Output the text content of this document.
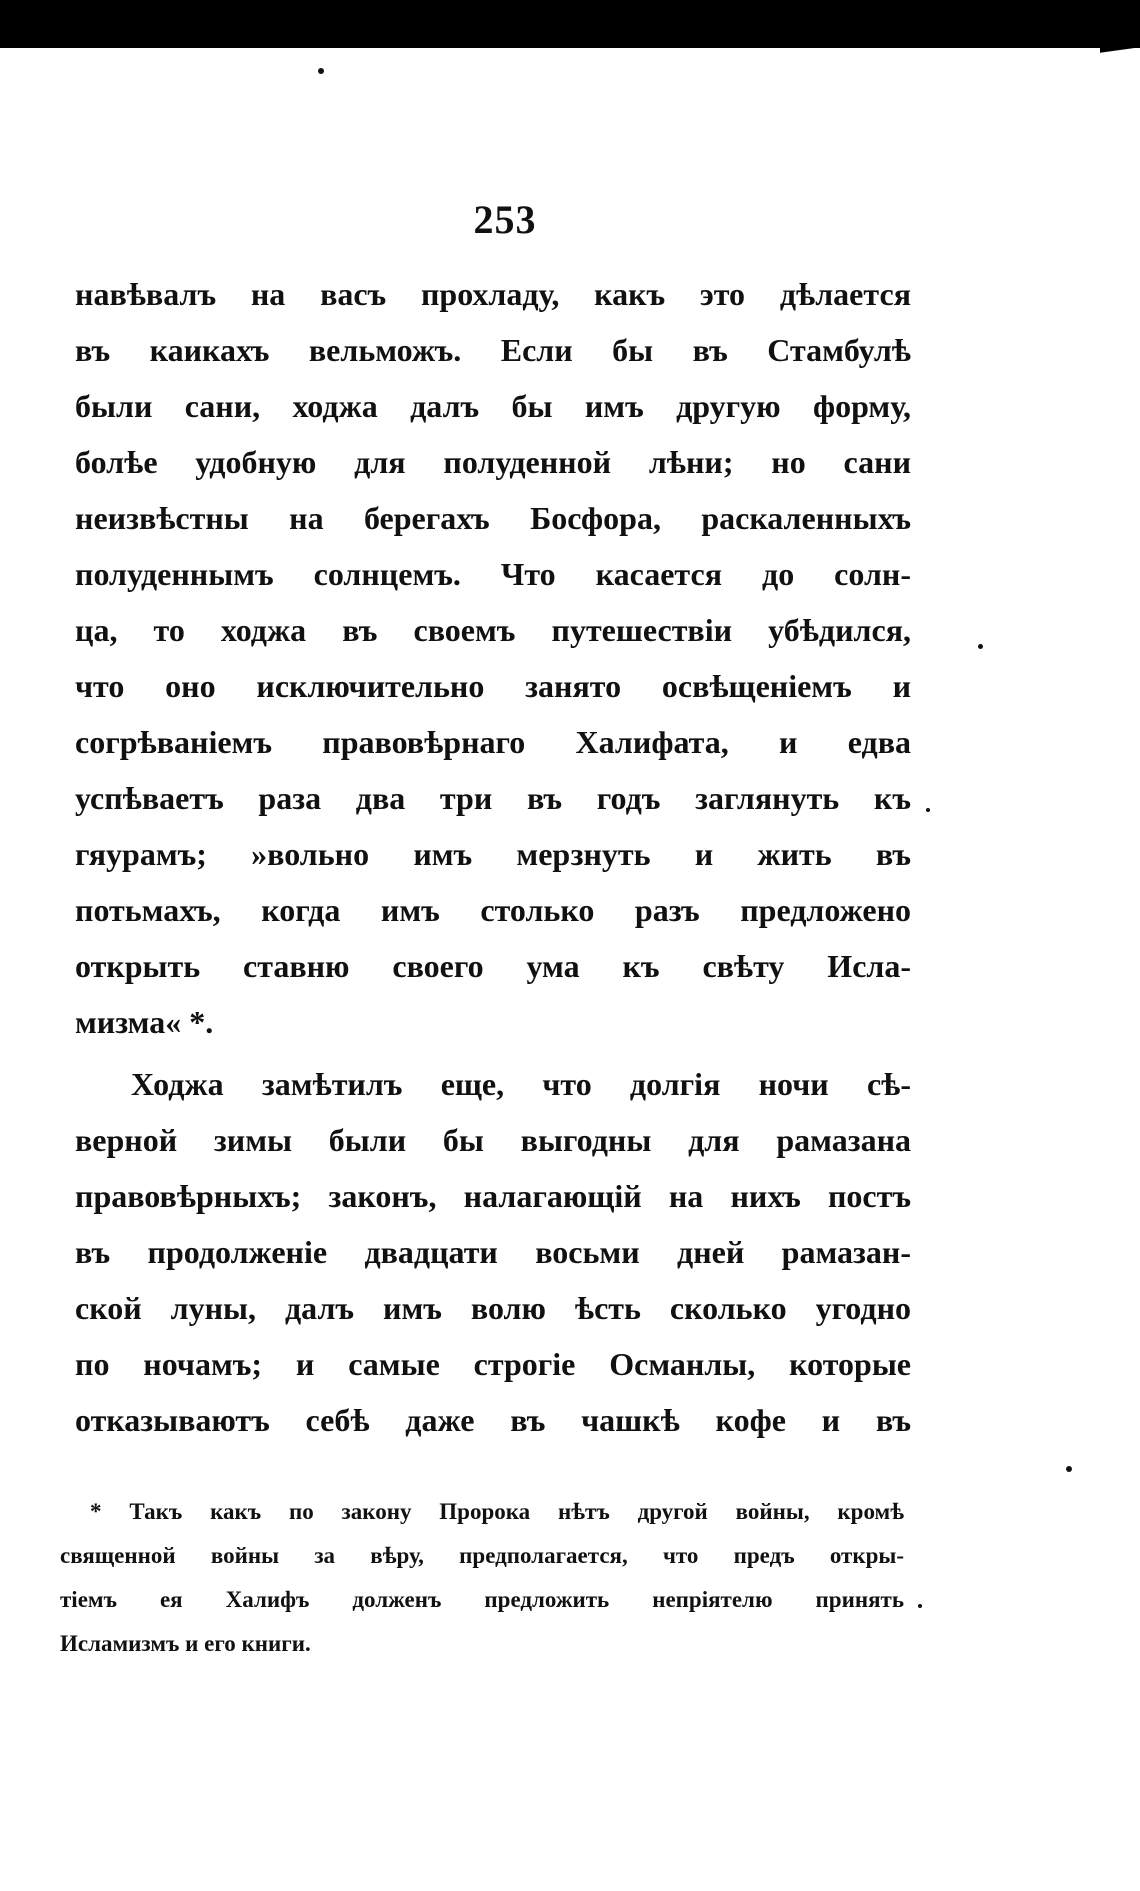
253
навѣвалъ на васъ прохладу, какъ это дѣлается
въ каикахъ вельможъ. Если бы въ Стамбулѣ
были сани, ходжа далъ бы имъ другую форму,
болѣе удобную для полуденной лѣни; но сани
неизвѣстны на берегахъ Босфора, раскаленныхъ
полуденнымъ солнцемъ. Что касается до солн-
ца, то ходжа въ своемъ путешествіи убѣдился,
что оно исключительно занято освѣщеніемъ и
согрѣваніемъ правовѣрнаго Халифата, и едва
успѣваетъ раза два три въ годъ заглянуть къ
гяурамъ; »вольно имъ мерзнуть и жить въ
потьмахъ, когда имъ столько разъ предложено
открыть ставню своего ума къ свѣту Исла-
мизма« *.
Ходжа замѣтилъ еще, что долгія ночи сѣ-
верной зимы были бы выгодны для рамазана
правовѣрныхъ; законъ, налагающій на нихъ постъ
въ продолженіе двадцати восьми дней рамазан-
ской луны, далъ имъ волю ѣсть сколько угодно
по ночамъ; и самые строгіе Османлы, которые
отказываютъ себѣ даже въ чашкѣ кофе и въ
* Такъ какъ по закону Пророка нѣтъ другой войны, кромѣ
священной войны за вѣру, предполагается, что предъ откры-
тіемъ ея Халифъ долженъ предложить непріятелю принять
Исламизмъ и его книги.
